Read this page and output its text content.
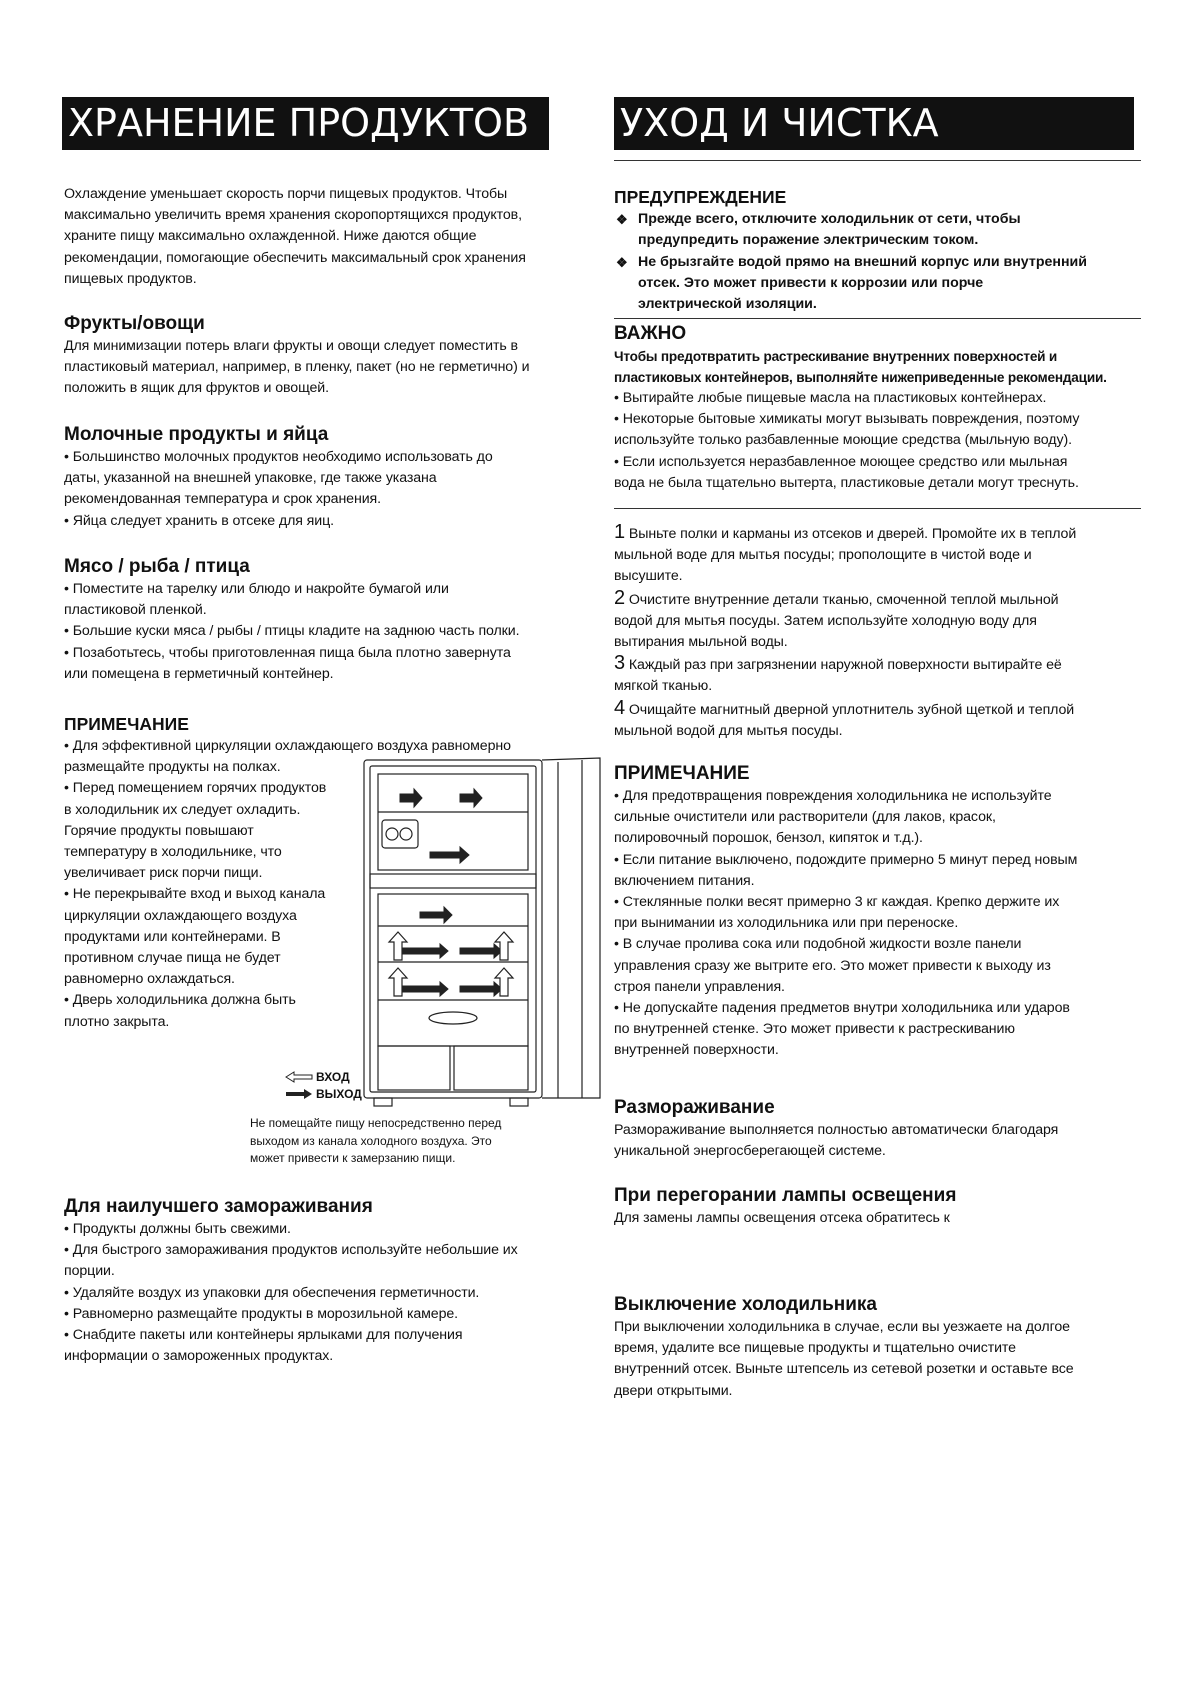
ХРАНЕНИЕ ПРОДУКТОВ

Охлаждение уменьшает скорость порчи пищевых продуктов. Чтобы

максимально увеличить время хранения скоропортящихся продуктов,

храните пищу максимально охлажденной. Ниже даются общие

рекомендации, помогающие обеспечить максимальный срок хранения

пищевых продуктов.

Фрукты/овощи

Для минимизации потерь влаги фрукты и овощи следует поместить в

пластиковый материал, например, в пленку, пакет (но не герметично) и

положить в ящик для фруктов и овощей.

Молочные продукты и яйца

• Большинство молочных продуктов необходимо использовать до

даты, указанной на внешней упаковке, где также указана

рекомендованная температура и срок хранения.

• Яйца следует хранить в отсеке для яиц.

Мясо / рыба / птица

• Поместите на тарелку или блюдо и накройте бумагой или

пластиковой пленкой.

• Большие куски мяса / рыбы / птицы кладите на заднюю часть полки.

• Позаботьтесь, чтобы приготовленная пища была плотно завернута

или помещена в герметичный контейнер.

ПРИМЕЧАНИЕ

• Для эффективной циркуляции охлаждающего воздуха равномерно

размещайте продукты на полках.

• Перед помещением горячих продуктов

в холодильник их следует охладить.

Горячие продукты повышают

температуру в холодильнике, что

увеличивает риск порчи пищи.

• Не перекрывайте вход и выход канала

циркуляции охлаждающего воздуха

продуктами или контейнерами. В

противном случае пища не будет

равномерно охлаждаться.

• Дверь холодильника должна быть

плотно закрыта.

ВХОД
ВЫХОД

Не помещайте пищу непосредственно перед

выходом из канала холодного воздуха. Это

может привести к замерзанию пищи.

Для наилучшего замораживания

• Продукты должны быть свежими.

• Для быстрого замораживания продуктов используйте небольшие их

порции.

• Удаляйте воздух из упаковки для обеспечения герметичности.

• Равномерно размещайте продукты в морозильной камере.

• Снабдите пакеты или контейнеры ярлыками для получения

информации о замороженных продуктах.

УХОД И ЧИСТКА

ПРЕДУПРЕЖДЕНИЕ

❖ Прежде всего, отключите холодильник от сети, чтобы
предупредить поражение электрическим током.
❖ Не брызгайте водой прямо на внешний корпус или внутренний
отсек. Это может привести к коррозии или порче
электрической изоляции.

ВАЖНО

Чтобы предотвратить растрескивание внутренних поверхностей и

пластиковых контейнеров, выполняйте нижеприведенные рекомендации.

• Вытирайте любые пищевые масла на пластиковых контейнерах.

• Некоторые бытовые химикаты могут вызывать повреждения, поэтому

используйте только разбавленные моющие средства (мыльную воду).

• Если используется неразбавленное моющее средство или мыльная

вода не была тщательно вытерта, пластиковые детали могут треснуть.

1 Выньте полки и карманы из отсеков и дверей. Промойте их в теплой

мыльной воде для мытья посуды; прополощите в чистой воде и

высушите.

2 Очистите внутренние детали тканью, смоченной теплой мыльной

водой для мытья посуды. Затем используйте холодную воду для

вытирания мыльной воды.

3 Каждый раз при загрязнении наружной поверхности вытирайте её

мягкой тканью.

4 Очищайте магнитный дверной уплотнитель зубной щеткой и теплой

мыльной водой для мытья посуды.

ПРИМЕЧАНИЕ

• Для предотвращения повреждения холодильника не используйте

сильные очистители или растворители (для лаков, красок,

полировочный порошок, бензол, кипяток и т.д.).

• Если питание выключено, подождите примерно 5 минут перед новым

включением питания.

• Стеклянные полки весят примерно 3 кг каждая. Крепко держите их

при вынимании из холодильника или при переноске.

• В случае пролива сока или подобной жидкости возле панели

управления сразу же вытрите его. Это может привести к выходу из

строя панели управления.

• Не допускайте падения предметов внутри холодильника или ударов

по внутренней стенке. Это может привести к растрескиванию

внутренней поверхности.

Размораживание

Размораживание выполняется полностью автоматически благодаря

уникальной энергосберегающей системе.

При перегорании лампы освещения

Для замены лампы освещения отсека обратитесь к

Выключение холодильника

При выключении холодильника в случае, если вы уезжаете на долгое

время, удалите все пищевые продукты и тщательно очистите

внутренний отсек. Выньте штепсель из сетевой розетки и оставьте все

двери открытыми.
